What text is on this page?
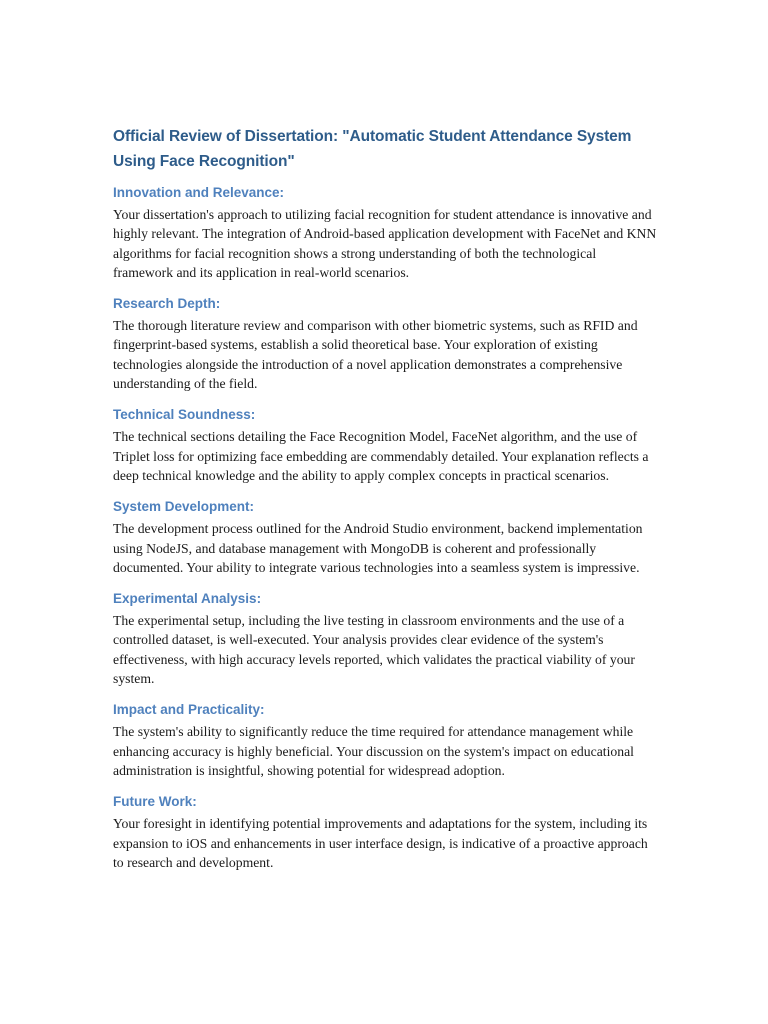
Official Review of Dissertation: "Automatic Student Attendance System Using Face Recognition"
Innovation and Relevance:

Your dissertation's approach to utilizing facial recognition for student attendance is innovative and highly relevant. The integration of Android-based application development with FaceNet and KNN algorithms for facial recognition shows a strong understanding of both the technological framework and its application in real-world scenarios.

Research Depth:

The thorough literature review and comparison with other biometric systems, such as RFID and fingerprint-based systems, establish a solid theoretical base. Your exploration of existing technologies alongside the introduction of a novel application demonstrates a comprehensive understanding of the field.

Technical Soundness:

The technical sections detailing the Face Recognition Model, FaceNet algorithm, and the use of Triplet loss for optimizing face embedding are commendably detailed. Your explanation reflects a deep technical knowledge and the ability to apply complex concepts in practical scenarios.

System Development:

The development process outlined for the Android Studio environment, backend implementation using NodeJS, and database management with MongoDB is coherent and professionally documented. Your ability to integrate various technologies into a seamless system is impressive.

Experimental Analysis:

The experimental setup, including the live testing in classroom environments and the use of a controlled dataset, is well-executed. Your analysis provides clear evidence of the system's effectiveness, with high accuracy levels reported, which validates the practical viability of your system.

Impact and Practicality:

The system's ability to significantly reduce the time required for attendance management while enhancing accuracy is highly beneficial. Your discussion on the system's impact on educational administration is insightful, showing potential for widespread adoption.

Future Work:

Your foresight in identifying potential improvements and adaptations for the system, including its expansion to iOS and enhancements in user interface design, is indicative of a proactive approach to research and development.
